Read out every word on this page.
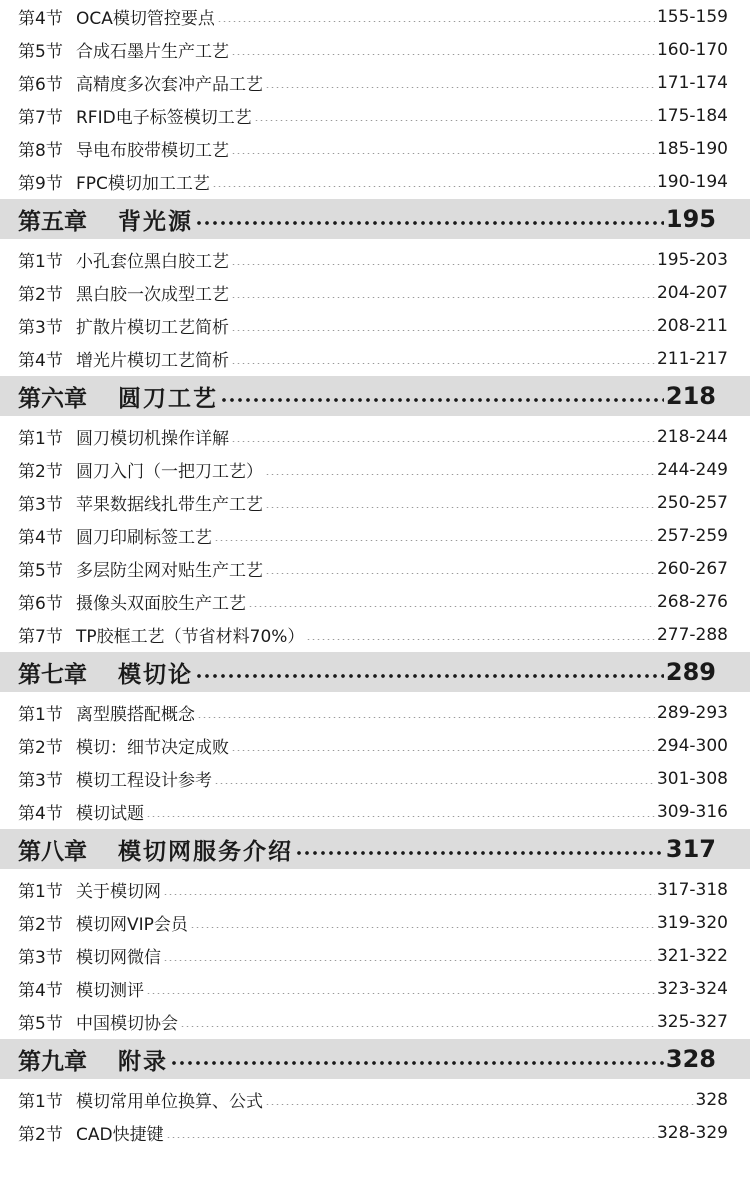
第4节 OCA模切管控要点	155-159
第5节 合成石墨片生产工艺	160-170
第6节 高精度多次套冲产品工艺	171-174
第7节 RFID电子标签模切工艺	175-184
第8节 导电布胶带模切工艺	185-190
第9节 FPC模切加工工艺	190-194
第五章	背光源	195
第1节 小孔套位黑白胶工艺	195-203
第2节 黑白胶一次成型工艺	204-207
第3节 扩散片模切工艺简析	208-211
第4节 增光片模切工艺简析	211-217
第六章	圆刀工艺	218
第1节 圆刀模切机操作详解	218-244
第2节 圆刀入门（一把刀工艺）	244-249
第3节 苹果数据线扎带生产工艺	250-257
第4节 圆刀印刷标签工艺	257-259
第5节 多层防尘网对贴生产工艺	260-267
第6节 摄像头双面胶生产工艺	268-276
第7节 TP胶框工艺（节省材料70%）	277-288
第七章	模切论	289
第1节 离型膜搭配概念	289-293
第2节 模切：细节决定成败	294-300
第3节 模切工程设计参考	301-308
第4节 模切试题	309-316
第八章	模切网服务介绍	317
第1节 关于模切网	317-318
第2节 模切网VIP会员	319-320
第3节 模切网微信	321-322
第4节 模切测评	323-324
第5节 中国模切协会	325-327
第九章	附录	328
第1节 模切常用单位换算、公式	328
第2节 CAD快捷键	328-329
